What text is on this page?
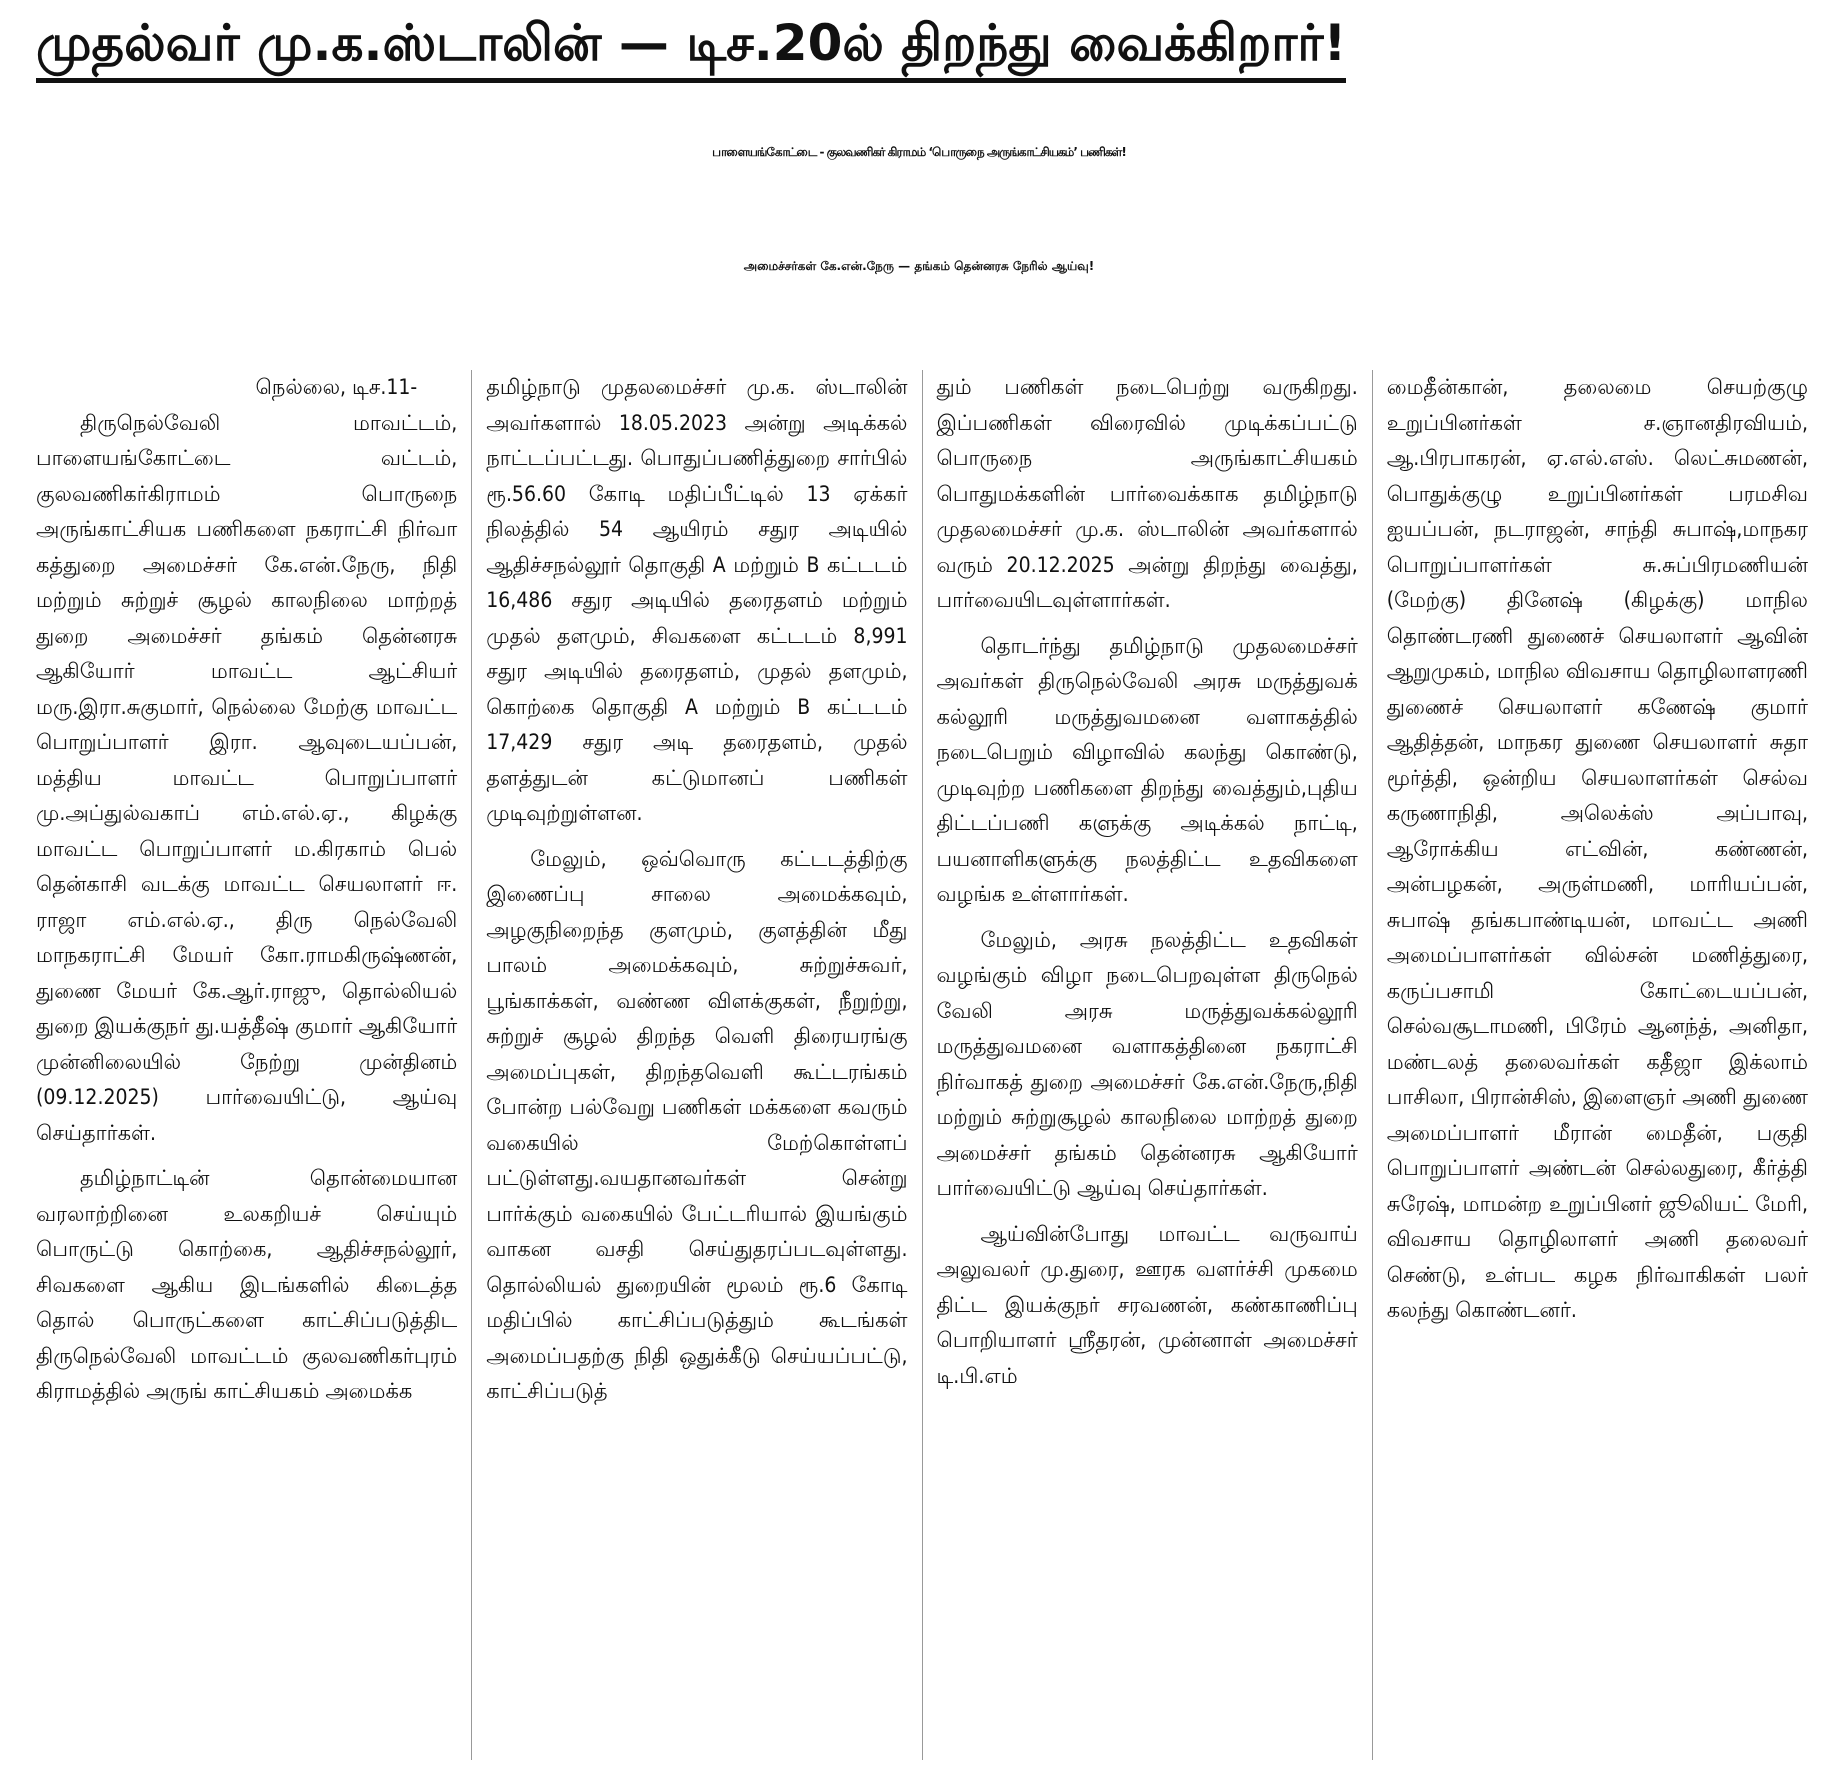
முதல்வர் மு.க.ஸ்டாலின் — டிச.20ல் திறந்து வைக்கிறார்!
பாளையங்கோட்டை - குலவணிகர் கிராமம் ‘பொருநை அருங்காட்சியகம்’ பணிகள்!
அமைச்சர்கள் கே.என்.நேரு — தங்கம் தென்னரசு நேரில் ஆய்வு!
நெல்லை, டிச.11-

திருநெல்வேலி மாவட்டம், பாளையங்கோட்டை வட்டம், குலவணிகர்கிராமம் பொருநை அருங்காட்சியக பணிகளை நகராட்சி நிர்வா கத்துறை அமைச்சர் கே.என்.நேரு, நிதி மற்றும் சுற்றுச் சூழல் காலநிலை மாற்றத் துறை அமைச்சர் தங்கம் தென்னரசு ஆகியோர் மாவட்ட ஆட்சியர் மரு.இரா.சுகுமார், நெல்லை மேற்கு மாவட்ட பொறுப்பாளர் இரா. ஆவுடையப்பன், மத்திய மாவட்ட பொறுப்பாளர் மு.அப்துல்வகாப் எம்.எல்.ஏ., கிழக்கு மாவட்ட பொறுப்பாளர் ம.கிரகாம் பெல் தென்காசி வடக்கு மாவட்ட செயலாளர் ஈ. ராஜா எம்.எல்.ஏ., திரு நெல்வேலி மாநகராட்சி மேயர் கோ.ராமகிருஷ்ணன், துணை மேயர் கே.ஆர்.ராஜு, தொல்லியல் துறை இயக்குநர் து.யத்தீஷ் குமார் ஆகியோர் முன்னிலையில் நேற்று முன்தினம் (09.12.2025) பார்வையிட்டு, ஆய்வு செய்தார்கள்.

தமிழ்நாட்டின் தொன்மையான வரலாற்றினை உலகறியச் செய்யும் பொருட்டு கொற்கை, ஆதிச்சநல்லூர், சிவகளை ஆகிய இடங்களில் கிடைத்த தொல் பொருட்களை காட்சிப்படுத்திட திருநெல்வேலி மாவட்டம் குலவணிகர்புரம் கிராமத்தில் அருங் காட்சியகம் அமைக்க

தமிழ்நாடு முதலமைச்சர் மு.க. ஸ்டாலின் அவர்களால் 18.05.2023 அன்று அடிக்கல் நாட்டப்பட்டது. பொதுப்பணித்துறை சார்பில் ரூ.56.60 கோடி மதிப்பீட்டில் 13 ஏக்கர் நிலத்தில் 54 ஆயிரம் சதுர அடியில் ஆதிச்சநல்லூர் தொகுதி A மற்றும் B கட்டடம் 16,486 சதுர அடியில் தரைதளம் மற்றும் முதல் தளமும், சிவகளை கட்டடம் 8,991 சதுர அடியில் தரைதளம், முதல் தளமும், கொற்கை தொகுதி A மற்றும் B கட்டடம் 17,429 சதுர அடி தரைதளம், முதல் தளத்துடன் கட்டுமானப் பணிகள் முடிவுற்றுள்ளன.

மேலும், ஒவ்வொரு கட்டடத்திற்கு இணைப்பு சாலை அமைக்கவும், அழகுநிறைந்த குளமும், குளத்தின் மீது பாலம் அமைக்கவும், சுற்றுச்சுவர், பூங்காக்கள், வண்ண விளக்குகள், நீறுற்று, சுற்றுச் சூழல் திறந்த வெளி திரையரங்கு அமைப்புகள், திறந்தவெளி கூட்டரங்கம் போன்ற பல்வேறு பணிகள் மக்களை கவரும் வகையில் மேற்கொள்ளப் பட்டுள்ளது.வயதானவர்கள் சென்று பார்க்கும் வகையில் பேட்டரியால் இயங்கும் வாகன வசதி செய்துதரப்படவுள்ளது. தொல்லியல் துறையின் மூலம் ரூ.6 கோடி மதிப்பில் காட்சிப்படுத்தும் கூடங்கள் அமைப்பதற்கு நிதி ஒதுக்கீடு செய்யப்பட்டு, காட்சிப்படுத்

தும் பணிகள் நடைபெற்று வருகிறது. இப்பணிகள் விரைவில் முடிக்கப்பட்டு பொருநை அருங்காட்சியகம் பொதுமக்களின் பார்வைக்காக தமிழ்நாடு முதலமைச்சர் மு.க. ஸ்டாலின் அவர்களால் வரும் 20.12.2025 அன்று திறந்து வைத்து, பார்வையிடவுள்ளார்கள்.

தொடர்ந்து தமிழ்நாடு முதலமைச்சர் அவர்கள் திருநெல்வேலி அரசு மருத்துவக் கல்லூரி மருத்துவமனை வளாகத்தில் நடைபெறும் விழாவில் கலந்து கொண்டு, முடிவுற்ற பணிகளை திறந்து வைத்தும்,புதிய திட்டப்பணி களுக்கு அடிக்கல் நாட்டி, பயனாளிகளுக்கு நலத்திட்ட உதவிகளை வழங்க உள்ளார்கள்.

மேலும், அரசு நலத்திட்ட உதவிகள் வழங்கும் விழா நடைபெறவுள்ள திருநெல் வேலி அரசு மருத்துவக்கல்லூரி மருத்துவமனை வளாகத்தினை நகராட்சி நிர்வாகத் துறை அமைச்சர் கே.என்.நேரு,நிதி மற்றும் சுற்றுசூழல் காலநிலை மாற்றத் துறை அமைச்சர் தங்கம் தென்னரசு ஆகியோர் பார்வையிட்டு ஆய்வு செய்தார்கள்.

ஆய்வின்போது மாவட்ட வருவாய் அலுவலர் மு.துரை, ஊரக வளர்ச்சி முகமை திட்ட இயக்குநர் சரவணன், கண்காணிப்பு பொறியாளர் ஸ்ரீதரன், முன்னாள் அமைச்சர் டி.பி.எம்

மைதீன்கான், தலைமை செயற்குழு உறுப்பினர்கள் ச.ஞானதிரவியம், ஆ.பிரபாகரன், ஏ.எல்.எஸ். லெட்சுமணன், பொதுக்குழு உறுப்பினர்கள் பரமசிவ ஐயப்பன், நடராஜன், சாந்தி சுபாஷ்,மாநகர பொறுப்பாளர்கள் சு.சுப்பிரமணியன் (மேற்கு) தினேஷ் (கிழக்கு) மாநில தொண்டரணி துணைச் செயலாளர் ஆவின் ஆறுமுகம், மாநில விவசாய தொழிலாளரணி துணைச் செயலாளர் கணேஷ் குமார் ஆதித்தன், மாநகர துணை செயலாளர் சுதா மூர்த்தி, ஒன்றிய செயலாளர்கள் செல்வ கருணாநிதி, அலெக்ஸ் அப்பாவு, ஆரோக்கிய எட்வின், கண்ணன், அன்பழகன், அருள்மணி, மாரியப்பன், சுபாஷ் தங்கபாண்டியன், மாவட்ட அணி அமைப்பாளர்கள் வில்சன் மணித்துரை, கருப்பசாமி கோட்டையப்பன், செல்வசூடாமணி, பிரேம் ஆனந்த், அனிதா, மண்டலத் தலைவர்கள் கதீஜா இக்லாம் பாசிலா, பிரான்சிஸ், இளைஞர் அணி துணை அமைப்பாளர் மீரான் மைதீன், பகுதி பொறுப்பாளர் அண்டன் செல்லதுரை, கீர்த்தி சுரேஷ், மாமன்ற உறுப்பினர் ஜூலியட் மேரி, விவசாய தொழிலாளர் அணி தலைவர் செண்டு, உள்பட கழக நிர்வாகிகள் பலர் கலந்து கொண்டனர்.
